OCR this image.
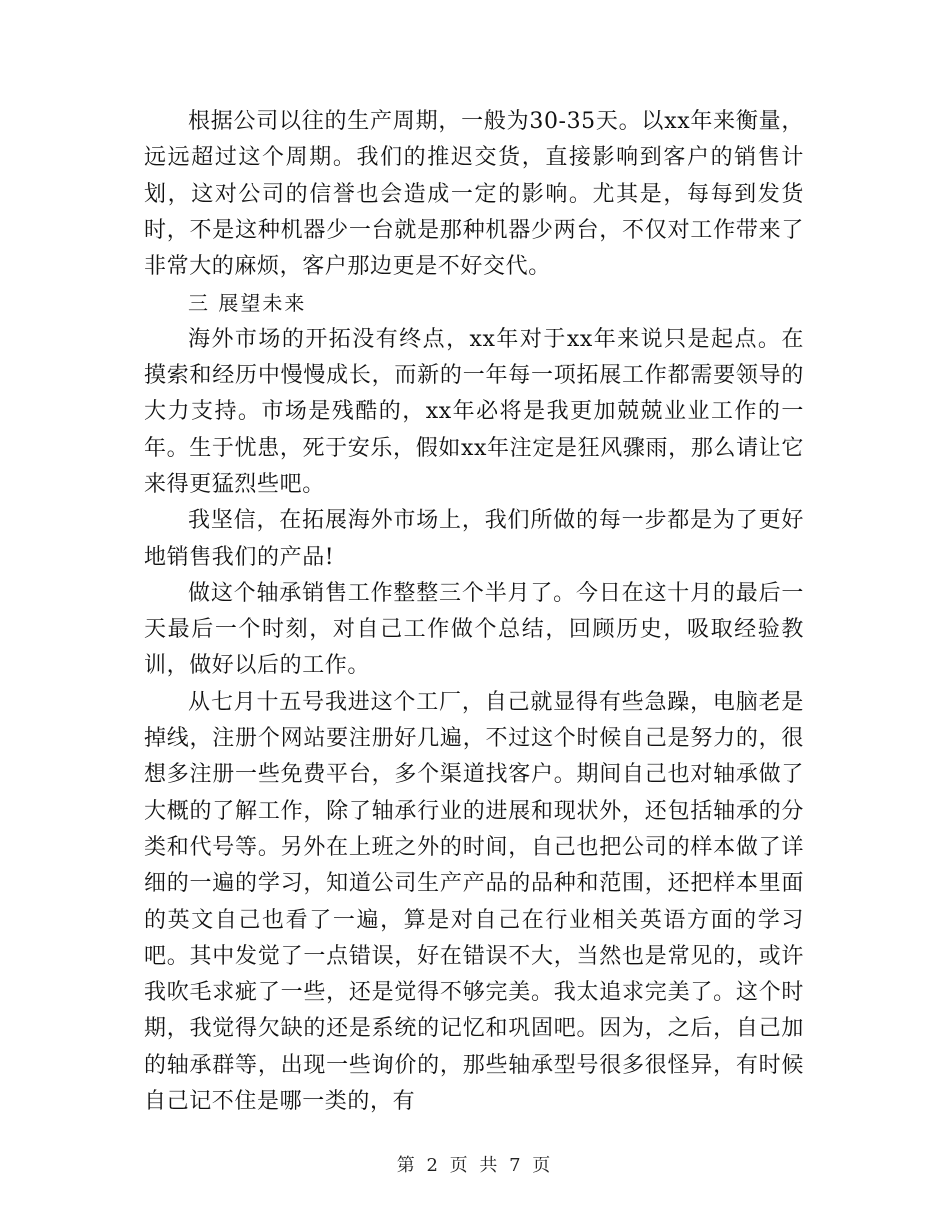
根据公司以往的生产周期，一般为30-35天。以xx年来衡量，远远超过这个周期。我们的推迟交货，直接影响到客户的销售计划，这对公司的信誉也会造成一定的影响。尤其是，每每到发货时，不是这种机器少一台就是那种机器少两台，不仅对工作带来了非常大的麻烦，客户那边更是不好交代。

三 展望未来

海外市场的开拓没有终点，xx年对于xx年来说只是起点。在摸索和经历中慢慢成长，而新的一年每一项拓展工作都需要领导的大力支持。市场是残酷的，xx年必将是我更加兢兢业业工作的一年。生于忧患，死于安乐，假如xx年注定是狂风骤雨，那么请让它来得更猛烈些吧。

我坚信，在拓展海外市场上，我们所做的每一步都是为了更好地销售我们的产品!

做这个轴承销售工作整整三个半月了。今日在这十月的最后一天最后一个时刻，对自己工作做个总结，回顾历史，吸取经验教训，做好以后的工作。

从七月十五号我进这个工厂，自己就显得有些急躁，电脑老是掉线，注册个网站要注册好几遍，不过这个时候自己是努力的，很想多注册一些免费平台，多个渠道找客户。期间自己也对轴承做了大概的了解工作，除了轴承行业的进展和现状外，还包括轴承的分类和代号等。另外在上班之外的时间，自己也把公司的样本做了详细的一遍的学习，知道公司生产产品的品种和范围，还把样本里面的英文自己也看了一遍，算是对自己在行业相关英语方面的学习吧。其中发觉了一点错误，好在错误不大，当然也是常见的，或许我吹毛求疵了一些，还是觉得不够完美。我太追求完美了。这个时期，我觉得欠缺的还是系统的记忆和巩固吧。因为，之后，自己加的轴承群等，出现一些询价的，那些轴承型号很多很怪异，有时候自己记不住是哪一类的，有

第 2 页 共 7 页
